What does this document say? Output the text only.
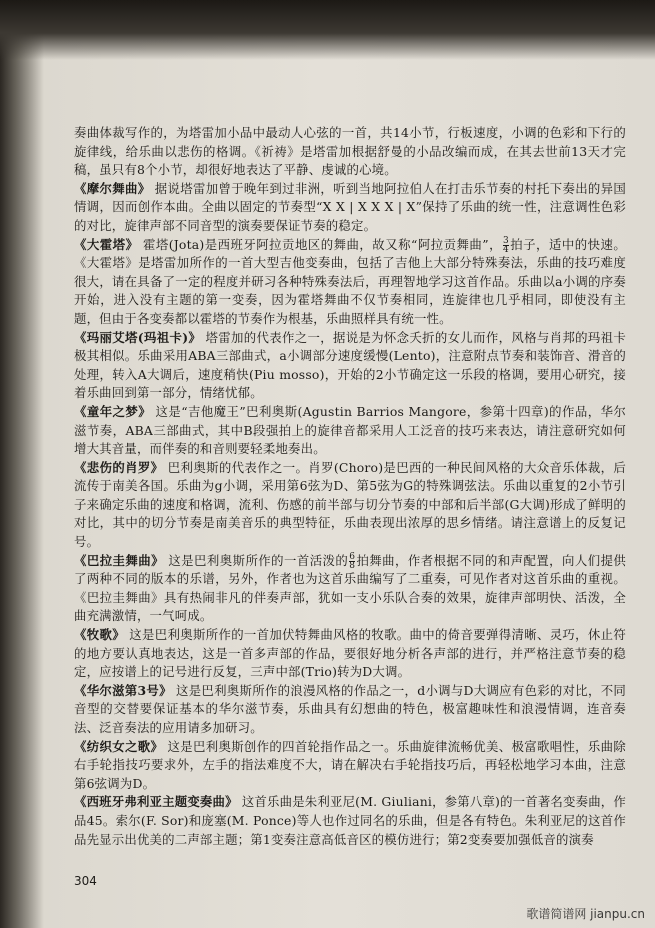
奏曲体裁写作的，为塔雷加小品中最动人心弦的一首，共14小节，行板速度，小调的色彩和下行的旋律线，给乐曲以悲伤的格调。《祈祷》是塔雷加根据舒曼的小品改编而成，在其去世前13天才完稿，虽只有8个小节，却很好地表达了平静、虔诚的心境。

《摩尔舞曲》 据说塔雷加曾于晚年到过非洲，听到当地阿拉伯人在打击乐节奏的村托下奏出的异国情调，因而创作本曲。全曲以固定的节奏型“X X | X X X | X”保持了乐曲的统一性，注意调性色彩的对比，旋律声部不同音型的演奏要保证节奏的稳定。

《大霍塔》 霍塔(Jota)是西班牙阿拉贡地区的舞曲，故又称“阿拉贡舞曲”， $\frac{3}{4}$ 拍子，适中的快速。《大霍塔》是塔雷加所作的一首大型吉他变奏曲，包括了吉他上大部分特殊奏法，乐曲的技巧难度很大，请在具备了一定的程度并研习各种特殊奏法后，再理智地学习这首作品。乐曲以a小调的序奏开始，进入没有主题的第一变奏，因为霍塔舞曲不仅节奏相同，连旋律也几乎相同，即使没有主题，但由于各变奏都以霍塔的节奏作为根基，乐曲照样具有统一性。

《玛丽艾塔(玛祖卡)》 塔雷加的代表作之一，据说是为怀念夭折的女儿而作，风格与肖邦的玛祖卡极其相似。乐曲采用ABA三部曲式，a小调部分速度缓慢(Lento)，注意附点节奏和装饰音、滑音的处理，转入A大调后，速度稍快(Piu mosso)，开始的2小节确定这一乐段的格调，要用心研究，接着乐曲回到第一部分，情绪忧郁。

《童年之梦》 这是“吉他魔王”巴利奥斯(Agustin Barrios Mangore，参第十四章)的作品，华尔滋节奏，ABA三部曲式，其中B段强拍上的旋律音都采用人工泛音的技巧来表达，请注意研究如何增大其音量，而伴奏的和音则要轻柔地奏出。

《悲伤的肖罗》 巴利奥斯的代表作之一。肖罗(Choro)是巴西的一种民间风格的大众音乐体裁，后流传于南美各国。乐曲为g小调，采用第6弦为D、第5弦为G的特殊调弦法。乐曲以重复的2小节引子来确定乐曲的速度和格调，流利、伤感的前半部与切分节奏的中部和后半部(G大调)形成了鲜明的对比，其中的切分节奏是南美音乐的典型特征，乐曲表现出浓厚的思乡情绪。请注意谱上的反复记号。

《巴拉圭舞曲》 这是巴利奥斯所作的一首活泼的 $\frac{6}{8}$ 拍舞曲，作者根据不同的和声配置，向人们提供了两种不同的版本的乐谱，另外，作者也为这首乐曲编写了二重奏，可见作者对这首乐曲的重视。《巴拉圭舞曲》具有热闹非凡的伴奏声部，犹如一支小乐队合奏的效果，旋律声部明快、活泼，全曲充满激情，一气呵成。

《牧歌》 这是巴利奥斯所作的一首加伏特舞曲风格的牧歌。曲中的倚音要弹得清晰、灵巧，休止符的地方要认真地表达，这是一首多声部的作品，要很好地分析各声部的进行，并严格注意节奏的稳定，应按谱上的记号进行反复，三声中部(Trio)转为D大调。

《华尔滋第3号》 这是巴利奥斯所作的浪漫风格的作品之一，d小调与D大调应有色彩的对比，不同音型的交替要保证基本的华尔滋节奏，乐曲具有幻想曲的特色，极富趣味性和浪漫情调，连音奏法、泛音奏法的应用请多加研习。

《纺织女之歌》 这是巴利奥斯创作的四首轮指作品之一。乐曲旋律流畅优美、极富歌唱性，乐曲除右手轮指技巧要求外，左手的指法难度不大，请在解决右手轮指技巧后，再轻松地学习本曲，注意第6弦调为D。

《西班牙弗利亚主题变奏曲》 这首乐曲是朱利亚尼(M. Giuliani，参第八章)的一首著名变奏曲，作品45。索尔(F. Sor)和庞塞(M. Ponce)等人也作过同名的乐曲，但是各有特色。朱利亚尼的这首作品先显示出优美的二声部主题；第1变奏注意高低音区的模仿进行；第2变奏要加强低音的演奏

304
歌谱简谱网 jianpu.cn
